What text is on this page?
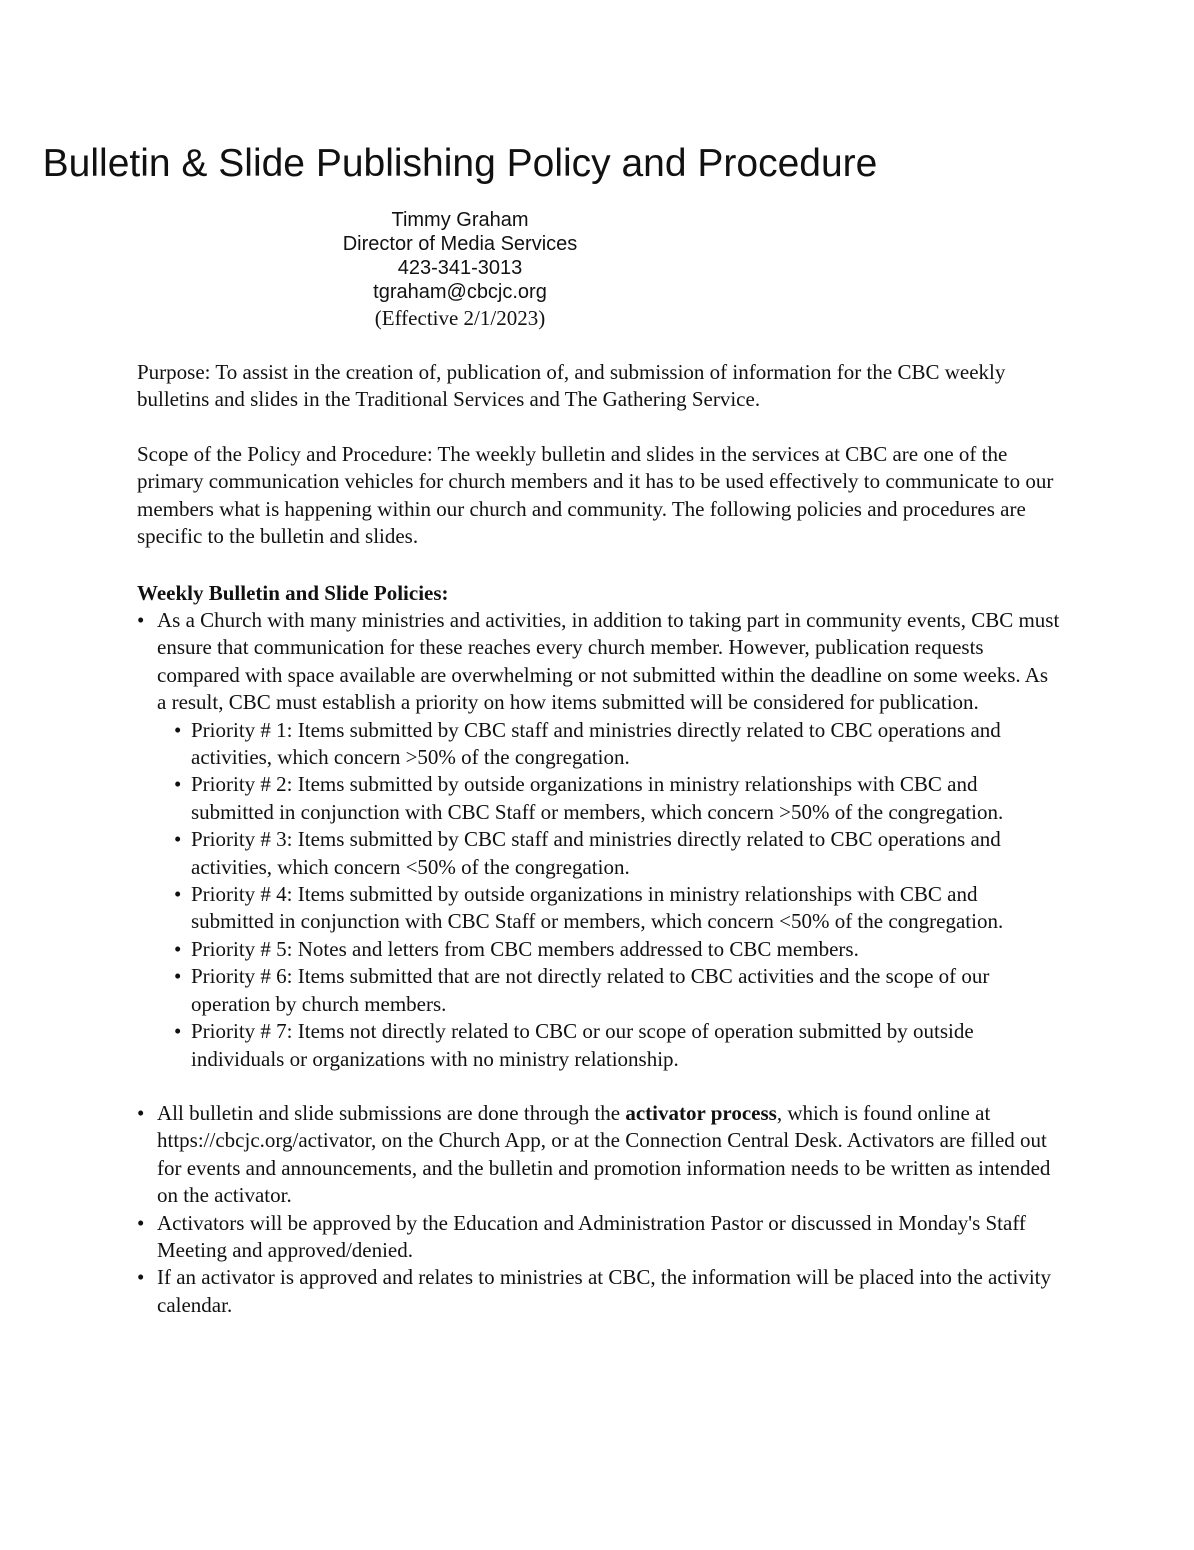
Bulletin & Slide Publishing Policy and Procedure
Timmy Graham
Director of Media Services
423-341-3013
tgraham@cbcjc.org
(Effective 2/1/2023)

Purpose: To assist in the creation of, publication of, and submission of information for the CBC weekly bulletins and slides in the Traditional Services and The Gathering Service.

Scope of the Policy and Procedure: The weekly bulletin and slides in the services at CBC are one of the primary communication vehicles for church members and it has to be used effectively to communicate to our members what is happening within our church and community. The following policies and procedures are specific to the bulletin and slides.

Weekly Bulletin and Slide Policies:

• As a Church with many ministries and activities, in addition to taking part in community events, CBC must ensure that communication for these reaches every church member. However, publication requests compared with space available are overwhelming or not submitted within the deadline on some weeks. As a result, CBC must establish a priority on how items submitted will be considered for publication.
• Priority # 1: Items submitted by CBC staff and ministries directly related to CBC operations and activities, which concern >50% of the congregation.
• Priority # 2: Items submitted by outside organizations in ministry relationships with CBC and submitted in conjunction with CBC Staff or members, which concern >50% of the congregation.
• Priority # 3: Items submitted by CBC staff and ministries directly related to CBC operations and activities, which concern <50% of the congregation.
• Priority # 4: Items submitted by outside organizations in ministry relationships with CBC and submitted in conjunction with CBC Staff or members, which concern <50% of the congregation.
• Priority # 5: Notes and letters from CBC members addressed to CBC members.
• Priority # 6: Items submitted that are not directly related to CBC activities and the scope of our operation by church members.
• Priority # 7: Items not directly related to CBC or our scope of operation submitted by outside individuals or organizations with no ministry relationship.
• All bulletin and slide submissions are done through the activator process, which is found online at https://cbcjc.org/activator, on the Church App, or at the Connection Central Desk. Activators are filled out for events and announcements, and the bulletin and promotion information needs to be written as intended on the activator.
• Activators will be approved by the Education and Administration Pastor or discussed in Monday's Staff Meeting and approved/denied.
• If an activator is approved and relates to ministries at CBC, the information will be placed into the activity calendar.
